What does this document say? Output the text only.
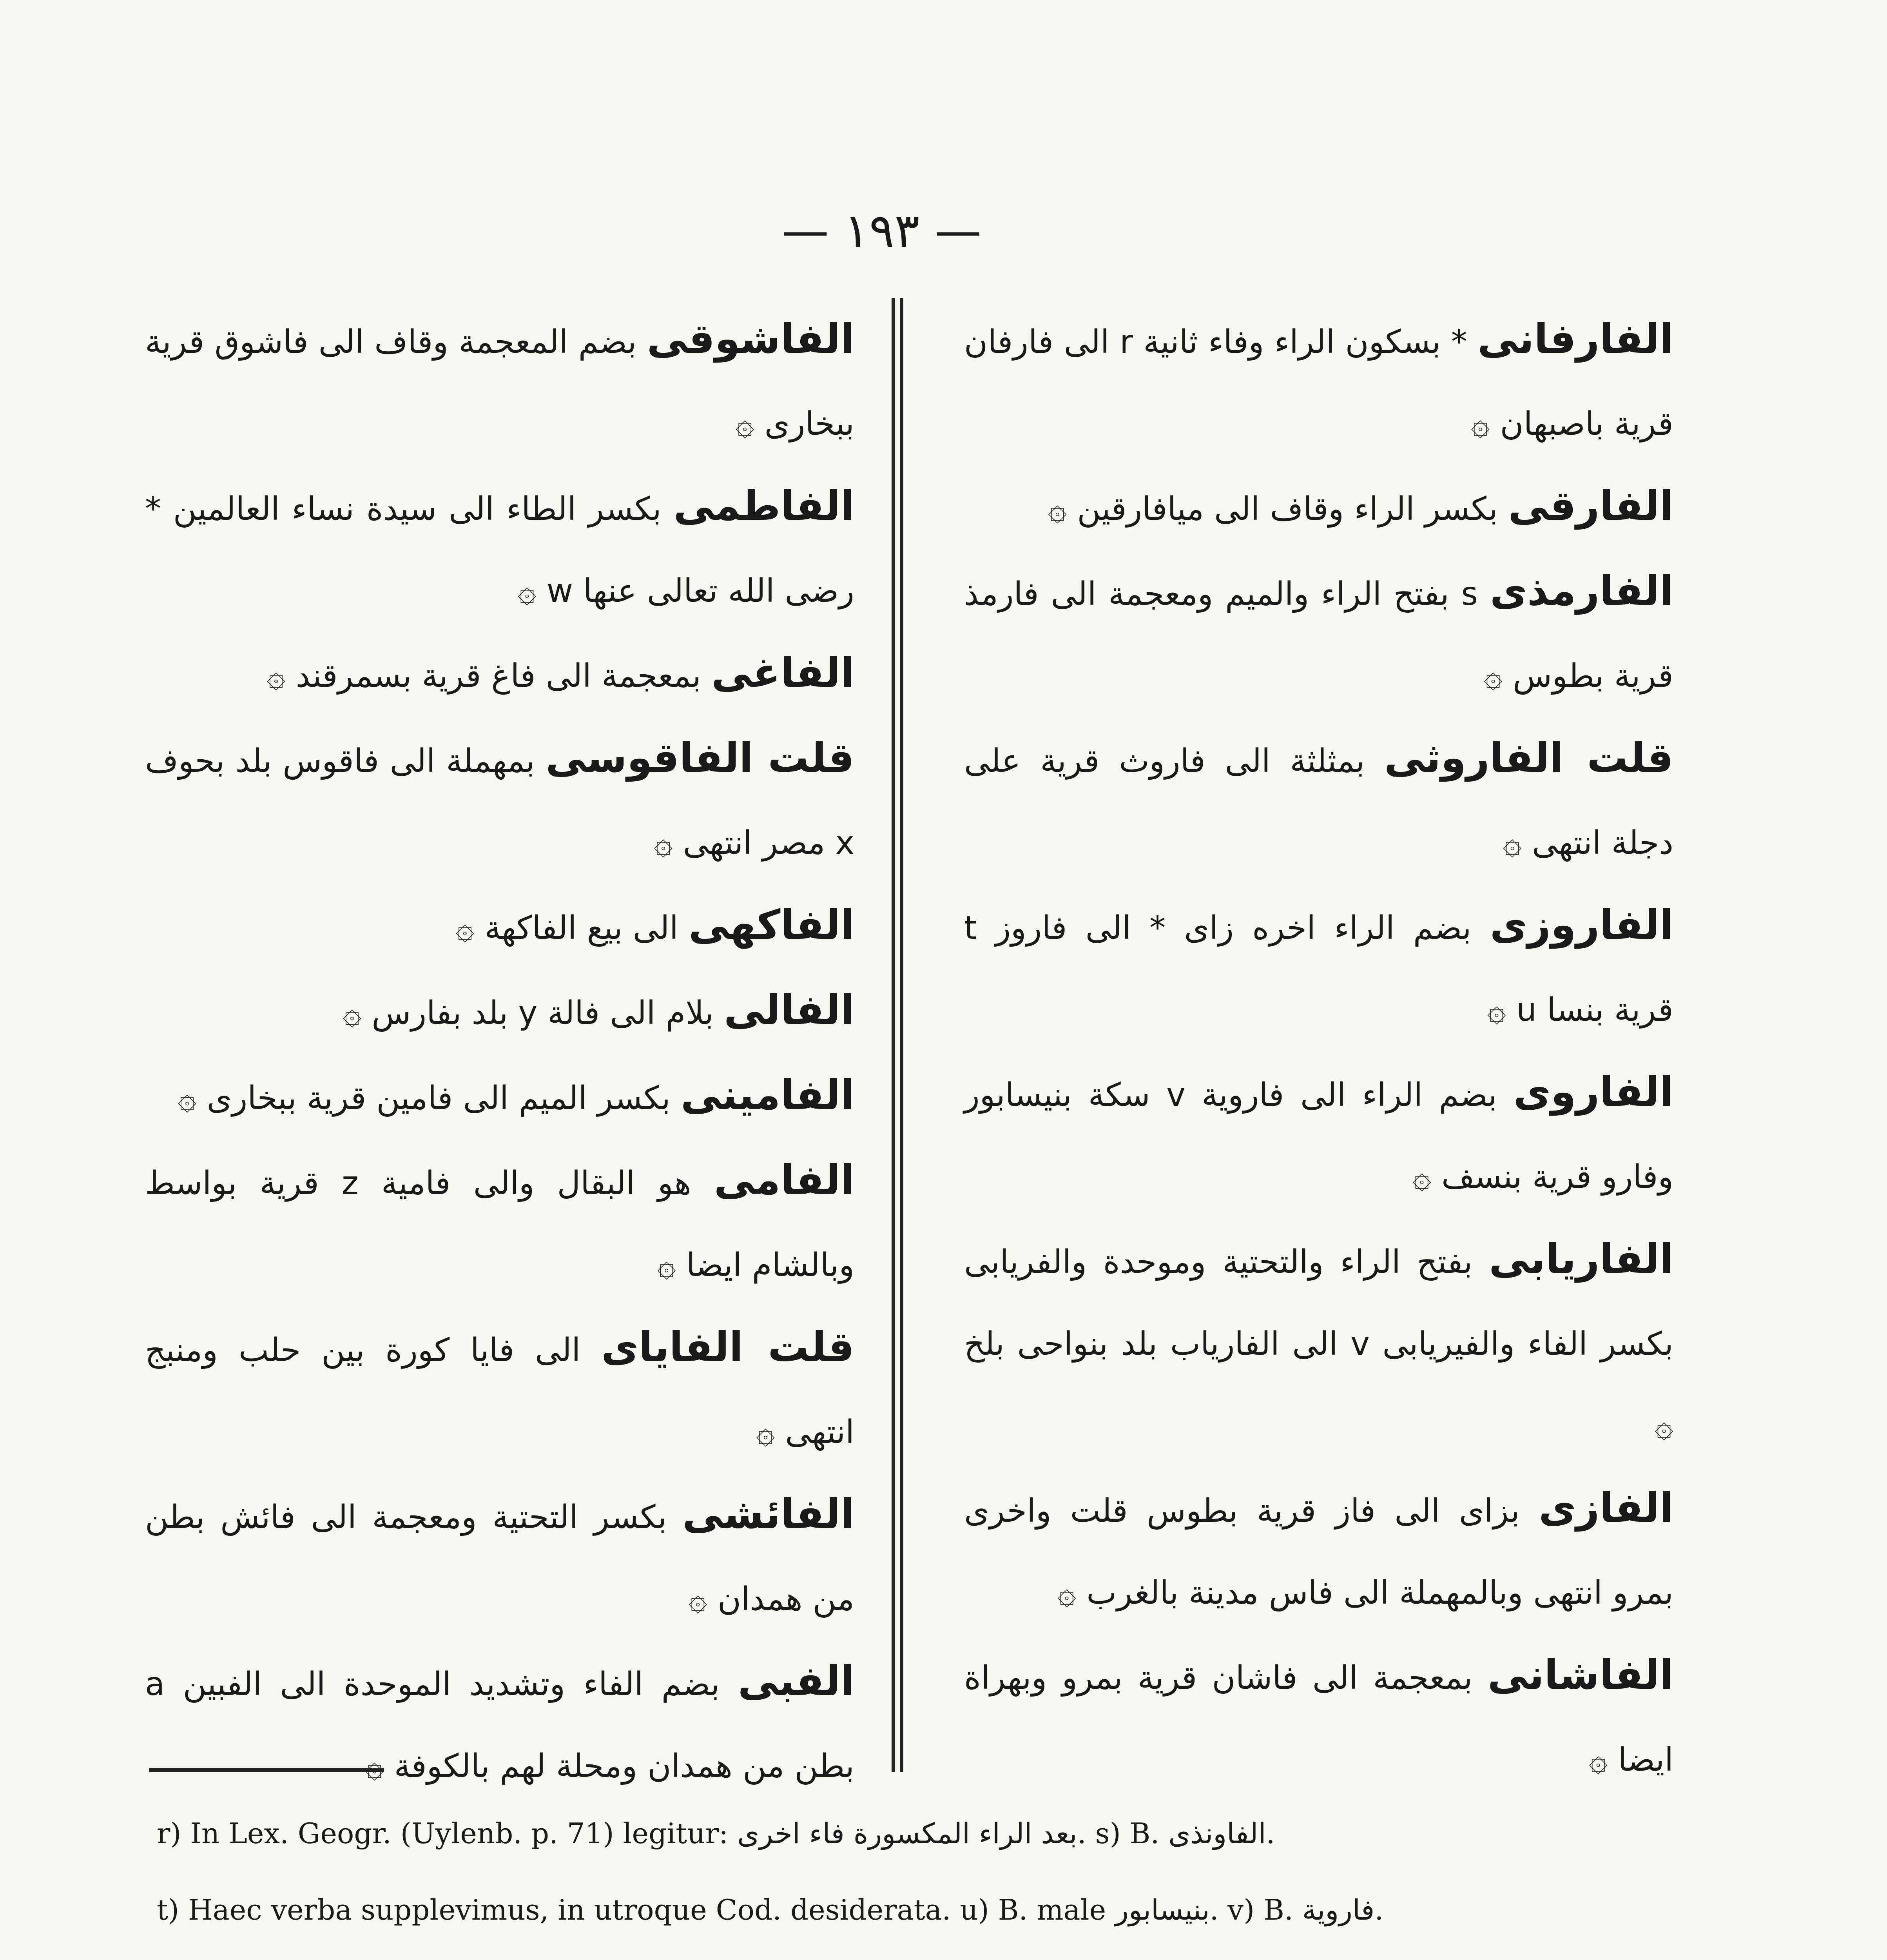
— ١٩٣ —

الفاشوقى بضم المعجمة وقاف الى فاشوق قرية ببخارى ۞

الفاطمى بكسر الطاء الى سيدة نساء العالمين * رضى الله تعالى عنها w ۞

الفاغى بمعجمة الى فاغ قرية بسمرقند ۞

قلت الفاقوسى بمهملة الى فاقوس بلد بحوف x مصر انتهى ۞

الفاكهى الى بيع الفاكهة ۞

الفالى بلام الى فالة y بلد بفارس ۞

الفامينى بكسر الميم الى فامين قرية ببخارى ۞

الفامى هو البقال والى فامية z قرية بواسط وبالشام ايضا ۞

قلت الفاياى الى فايا كورة بين حلب ومنبج انتهى ۞

الفائشى بكسر التحتية ومعجمة الى فائش بطن من همدان ۞

الفبى بضم الفاء وتشديد الموحدة الى الفبين a بطن من همدان ومحلة لهم بالكوفة ۞

الفارفانى * بسكون الراء وفاء ثانية r الى فارفان قرية باصبهان ۞

الفارقى بكسر الراء وقاف الى ميافارقين ۞

الفارمذى s بفتح الراء والميم ومعجمة الى فارمذ قرية بطوس ۞

قلت الفاروثى بمثلثة الى فاروث قرية على دجلة انتهى ۞

الفاروزى بضم الراء اخره زاى * الى فاروز t قرية بنسا u ۞

الفاروى بضم الراء الى فاروية v سكة بنيسابور وفارو قرية بنسف ۞

الفاريابى بفتح الراء والتحتية وموحدة والفريابى بكسر الفاء والفيريابى v الى الفارياب بلد بنواحى بلخ ۞

الفازى بزاى الى فاز قرية بطوس قلت واخرى بمرو انتهى وبالمهملة الى فاس مدينة بالغرب ۞

الفاشانى بمعجمة الى فاشان قرية بمرو وبهراة ايضا ۞

r) In Lex. Geogr. (Uylenb. p. 71) legitur: بعد الراء المكسورة فاء اخرى. s) B. الفاونذى.

t) Haec verba supplevimus, in utroque Cod. desiderata. u) B. male بنيسابور. v) B. فاروية.
